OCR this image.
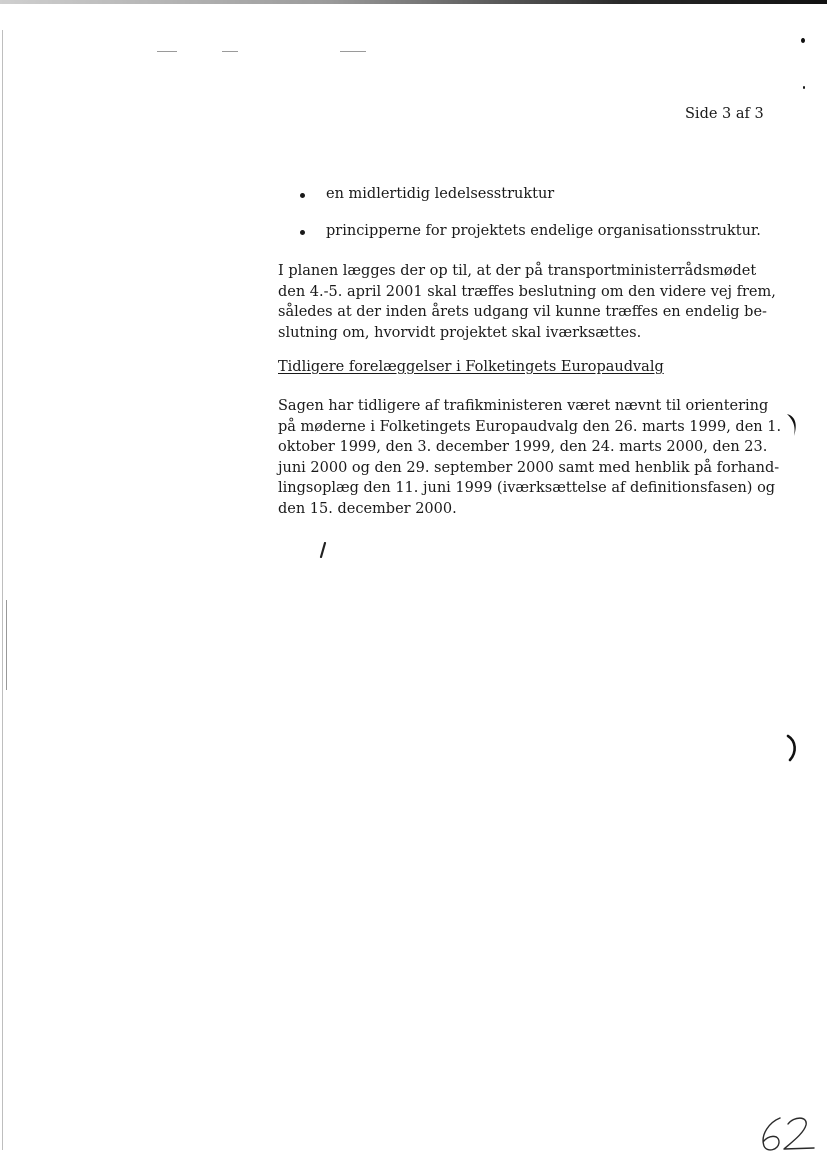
Side 3 af 3
en midlertidig ledelsesstruktur
principperne for projektets endelige organisationsstruktur.
I planen lægges der op til, at der på transportministerrådsmødet
den 4.-5. april 2001 skal træffes beslutning om den videre vej frem,
således at der inden årets udgang vil kunne træffes en endelig be-
slutning om, hvorvidt projektet skal iværksættes.
Tidligere forelæggelser i Folketingets Europaudvalg
Sagen har tidligere af trafikministeren været nævnt til orientering
på møderne i Folketingets Europaudvalg den 26. marts 1999, den 1.
oktober 1999, den 3. december 1999, den 24. marts 2000, den 23.
juni 2000 og den 29. september 2000 samt med henblik på forhand-
lingsoplæg den 11. juni 1999 (iværksættelse af definitionsfasen) og
den 15. december 2000.
